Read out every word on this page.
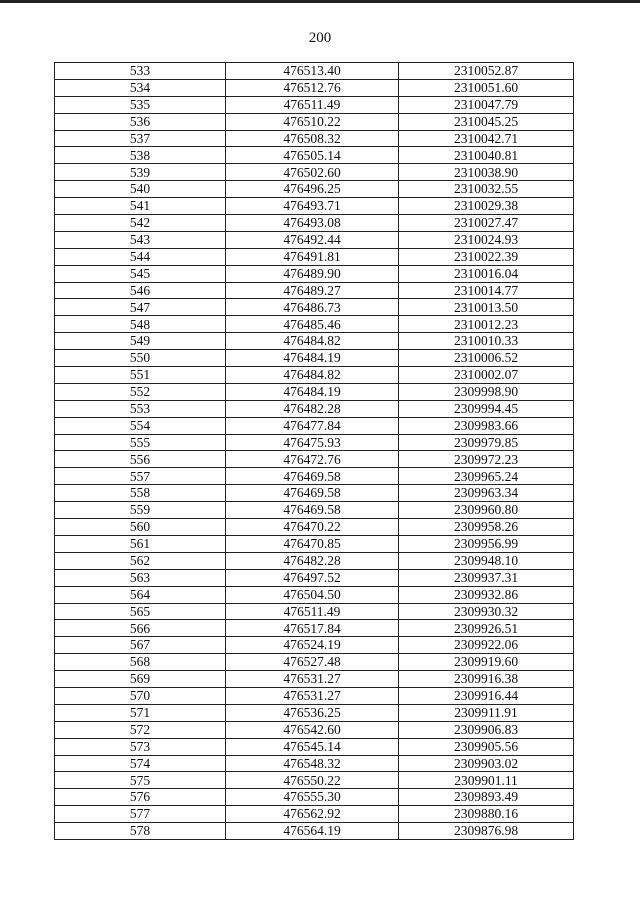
200
533	476513.40	2310052.87
534	476512.76	2310051.60
535	476511.49	2310047.79
536	476510.22	2310045.25
537	476508.32	2310042.71
538	476505.14	2310040.81
539	476502.60	2310038.90
540	476496.25	2310032.55
541	476493.71	2310029.38
542	476493.08	2310027.47
543	476492.44	2310024.93
544	476491.81	2310022.39
545	476489.90	2310016.04
546	476489.27	2310014.77
547	476486.73	2310013.50
548	476485.46	2310012.23
549	476484.82	2310010.33
550	476484.19	2310006.52
551	476484.82	2310002.07
552	476484.19	2309998.90
553	476482.28	2309994.45
554	476477.84	2309983.66
555	476475.93	2309979.85
556	476472.76	2309972.23
557	476469.58	2309965.24
558	476469.58	2309963.34
559	476469.58	2309960.80
560	476470.22	2309958.26
561	476470.85	2309956.99
562	476482.28	2309948.10
563	476497.52	2309937.31
564	476504.50	2309932.86
565	476511.49	2309930.32
566	476517.84	2309926.51
567	476524.19	2309922.06
568	476527.48	2309919.60
569	476531.27	2309916.38
570	476531.27	2309916.44
571	476536.25	2309911.91
572	476542.60	2309906.83
573	476545.14	2309905.56
574	476548.32	2309903.02
575	476550.22	2309901.11
576	476555.30	2309893.49
577	476562.92	2309880.16
578	476564.19	2309876.98
